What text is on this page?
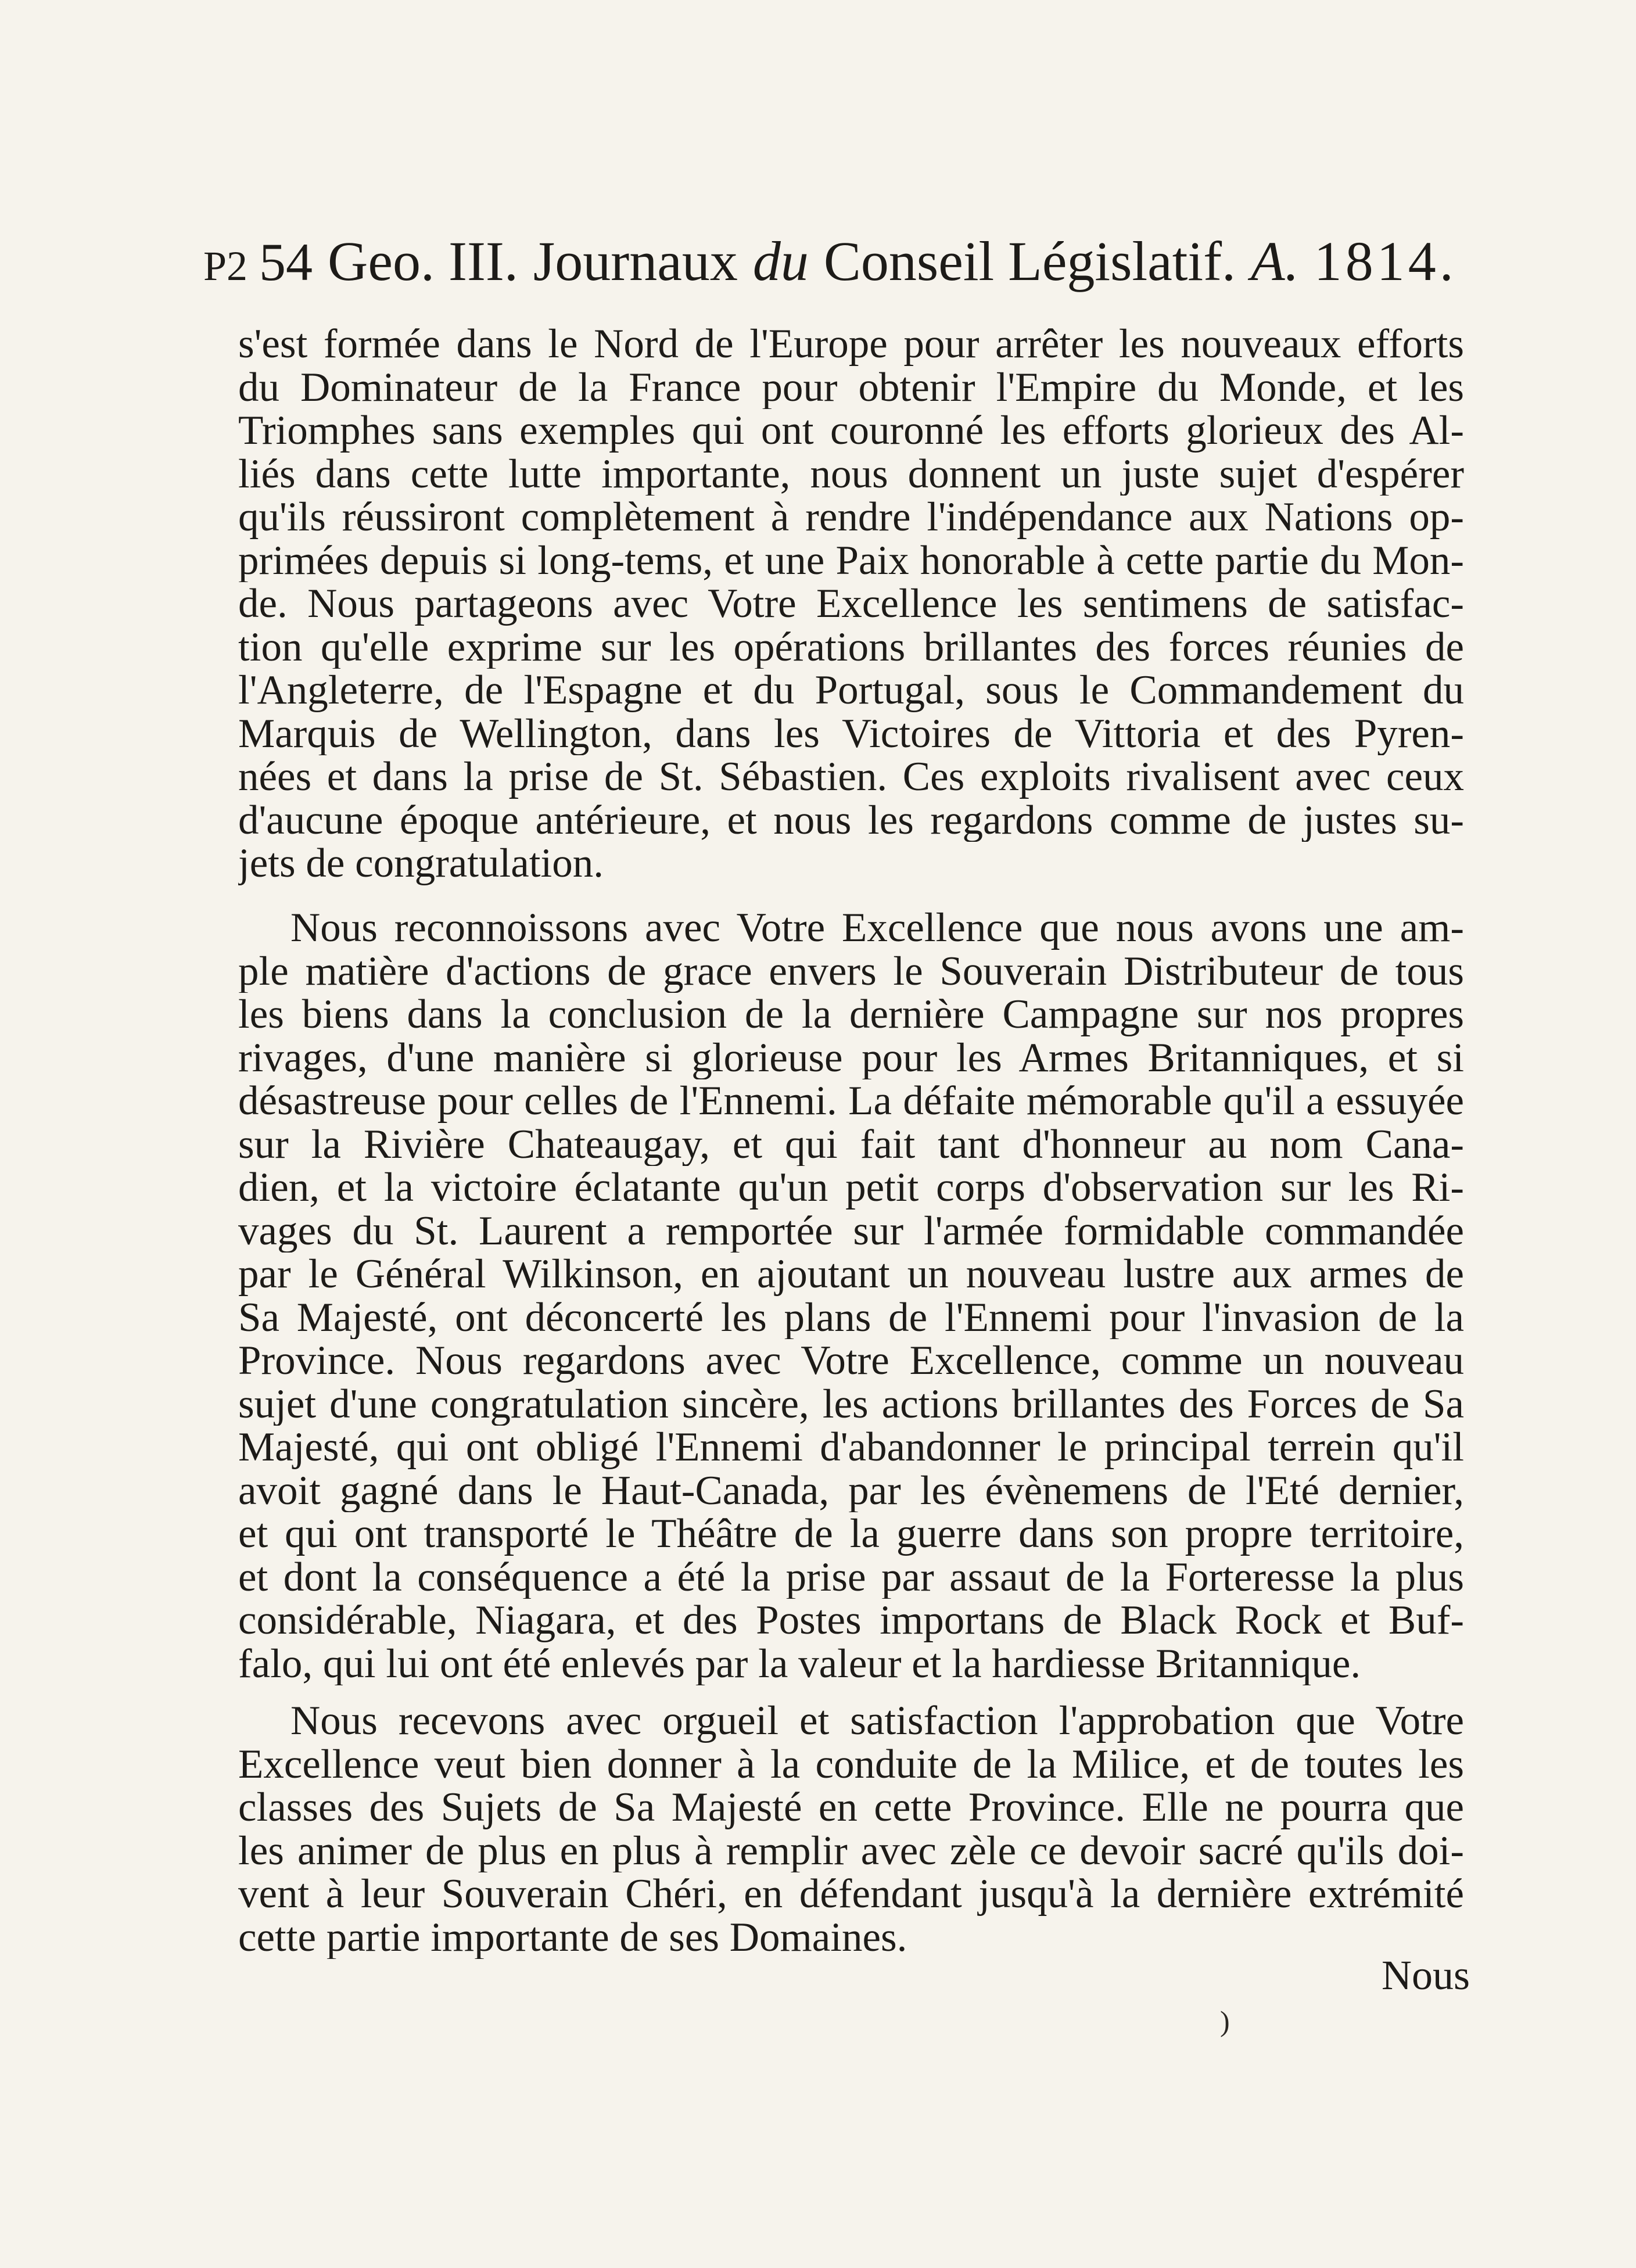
P2 54 Geo. III. Journaux du Conseil Législatif. A. 1814.
s'est formée dans le Nord de l'Europe pour arrêter les nouveaux efforts
du Dominateur de la France pour obtenir l'Empire du Monde, et les
Triomphes sans exemples qui ont couronné les efforts glorieux des Al-
liés dans cette lutte importante, nous donnent un juste sujet d'espérer
qu'ils réussiront complètement à rendre l'indépendance aux Nations op-
primées depuis si long-tems, et une Paix honorable à cette partie du Mon-
de. Nous partageons avec Votre Excellence les sentimens de satisfac-
tion qu'elle exprime sur les opérations brillantes des forces réunies de
l'Angleterre, de l'Espagne et du Portugal, sous le Commandement du
Marquis de Wellington, dans les Victoires de Vittoria et des Pyren-
nées et dans la prise de St. Sébastien. Ces exploits rivalisent avec ceux
d'aucune époque antérieure, et nous les regardons comme de justes su-
jets de congratulation.
Nous reconnoissons avec Votre Excellence que nous avons une am-
ple matière d'actions de grace envers le Souverain Distributeur de tous
les biens dans la conclusion de la dernière Campagne sur nos propres
rivages, d'une manière si glorieuse pour les Armes Britanniques, et si
désastreuse pour celles de l'Ennemi. La défaite mémorable qu'il a essuyée
sur la Rivière Chateaugay, et qui fait tant d'honneur au nom Cana-
dien, et la victoire éclatante qu'un petit corps d'observation sur les Ri-
vages du St. Laurent a remportée sur l'armée formidable commandée
par le Général Wilkinson, en ajoutant un nouveau lustre aux armes de
Sa Majesté, ont déconcerté les plans de l'Ennemi pour l'invasion de la
Province. Nous regardons avec Votre Excellence, comme un nouveau
sujet d'une congratulation sincère, les actions brillantes des Forces de Sa
Majesté, qui ont obligé l'Ennemi d'abandonner le principal terrein qu'il
avoit gagné dans le Haut-Canada, par les évènemens de l'Eté dernier,
et qui ont transporté le Théâtre de la guerre dans son propre territoire,
et dont la conséquence a été la prise par assaut de la Forteresse la plus
considérable, Niagara, et des Postes importans de Black Rock et Buf-
falo, qui lui ont été enlevés par la valeur et la hardiesse Britannique.
Nous recevons avec orgueil et satisfaction l'approbation que Votre
Excellence veut bien donner à la conduite de la Milice, et de toutes les
classes des Sujets de Sa Majesté en cette Province. Elle ne pourra que
les animer de plus en plus à remplir avec zèle ce devoir sacré qu'ils doi-
vent à leur Souverain Chéri, en défendant jusqu'à la dernière extrémité
cette partie importante de ses Domaines.
Nous
)
